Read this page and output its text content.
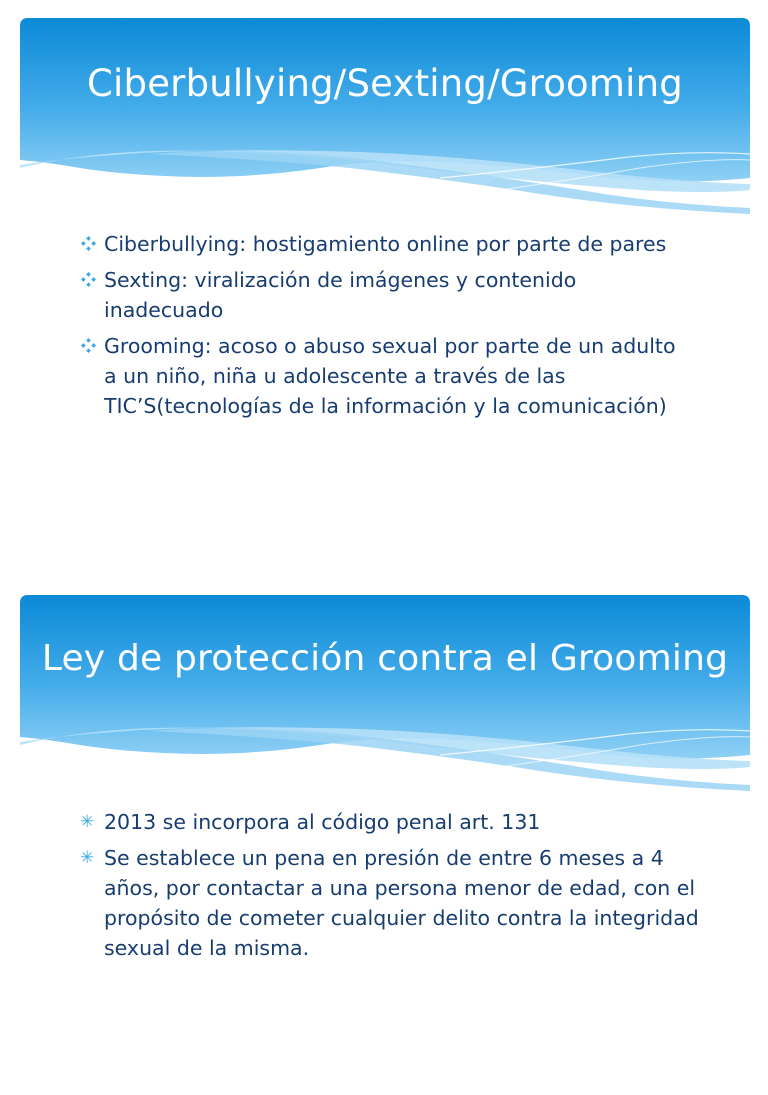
Ciberbullying/Sexting/Grooming
Ciberbullying: hostigamiento online por parte de pares
Sexting: viralización de imágenes y contenido inadecuado
Grooming: acoso o abuso sexual por parte de un adulto a un niño, niña u adolescente a través de las TIC’S(tecnologías de la información y la comunicación)
Ley de protección contra el Grooming
✳ 2013 se incorpora al código penal art. 131
✳ Se establece un pena en presión de entre 6 meses a 4 años, por contactar a una persona menor de edad, con el propósito de cometer cualquier delito contra la integridad sexual de la misma.
